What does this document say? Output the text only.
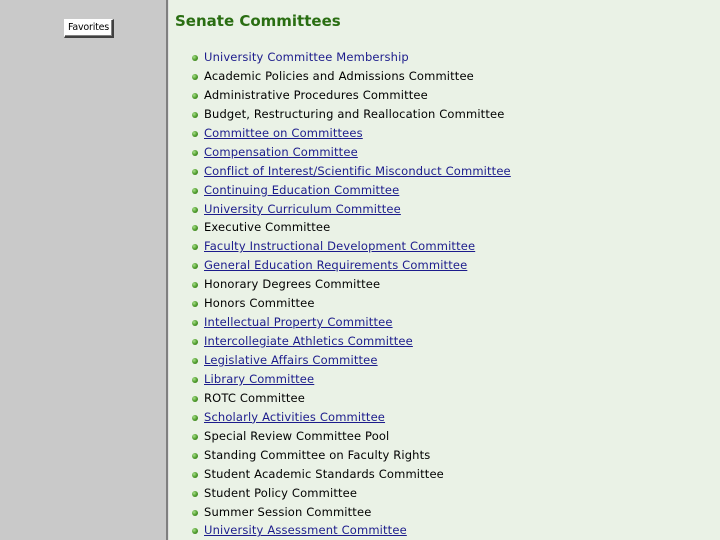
Favorites	Senate Committees
University Committee Membership
Academic Policies and Admissions Committee
Administrative Procedures Committee
Budget, Restructuring and Reallocation Committee
Committee on Committees
Compensation Committee
Conflict of Interest/Scientific Misconduct Committee
Continuing Education Committee
University Curriculum Committee
Executive Committee
Faculty Instructional Development Committee
General Education Requirements Committee
Honorary Degrees Committee
Honors Committee
Intellectual Property Committee
Intercollegiate Athletics Committee
Legislative Affairs Committee
Library Committee
ROTC Committee
Scholarly Activities Committee
Special Review Committee Pool
Standing Committee on Faculty Rights
Student Academic Standards Committee
Student Policy Committee
Summer Session Committee
University Assessment Committee
